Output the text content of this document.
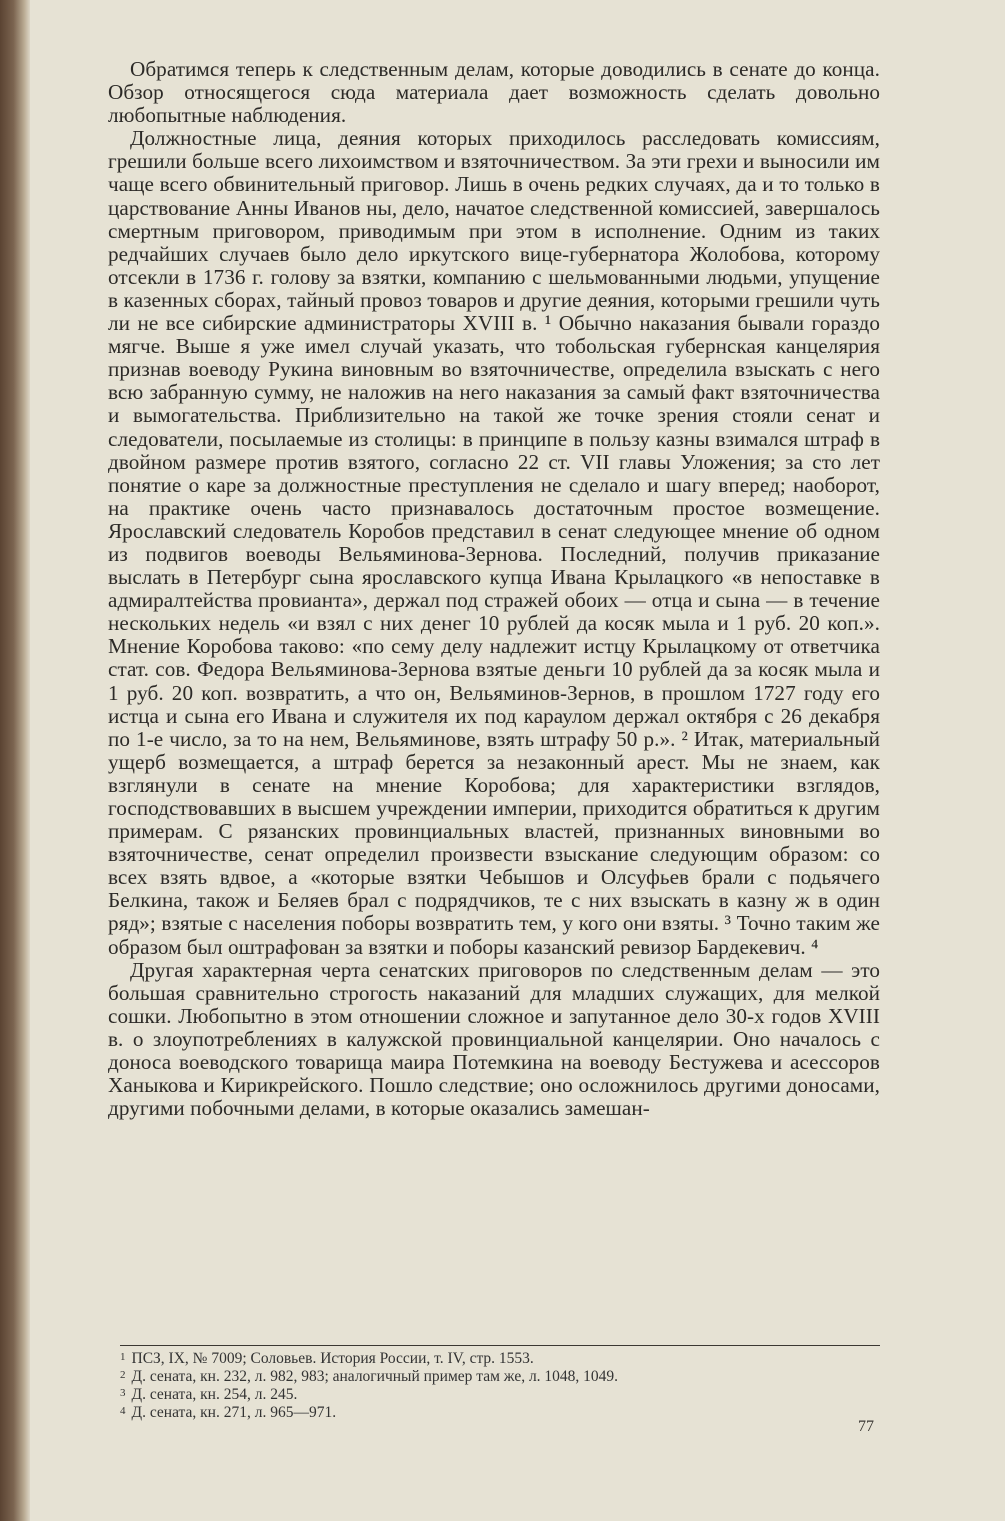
Обратимся теперь к следственным делам, которые доводились в сенате до конца. Обзор относящегося сюда материала дает возможность сделать довольно любопытные наблюдения.

Должностные лица, деяния которых приходилось расследовать комиссиям, грешили больше всего лихоимством и взяточничеством. За эти грехи и выносили им чаще всего обвинительный приговор. Лишь в очень редких случаях, да и то только в царствование Анны Иванов ны, дело, начатое следственной комиссией, завершалось смертным приговором, приводимым при этом в исполнение. Одним из таких редчайших случаев было дело иркутского вице-губернатора Жолобова, которому отсекли в 1736 г. голову за взятки, компанию с шельмованными людьми, упущение в казенных сборах, тайный провоз товаров и другие деяния, которыми грешили чуть ли не все сибирские администраторы XVIII в. ¹ Обычно наказания бывали гораздо мягче. Выше я уже имел случай указать, что тобольская губернская канцелярия признав воеводу Рукина виновным во взяточничестве, определила взыскать с него всю забранную сумму, не наложив на него наказания за самый факт взяточничества и вымогательства. Приблизительно на такой же точке зрения стояли сенат и следователи, посылаемые из столицы: в принципе в пользу казны взимался штраф в двойном размере против взятого, согласно 22 ст. VII главы Уложения; за сто лет понятие о каре за должностные преступления не сделало и шагу вперед; наоборот, на практике очень часто признавалось достаточным простое возмещение. Ярославский следователь Коробов представил в сенат следующее мнение об одном из подвигов воеводы Вельяминова-Зернова. Последний, получив приказание выслать в Петербург сына ярославского купца Ивана Крылацкого «в непоставке в адмиралтейства провианта», держал под стражей обоих — отца и сына — в течение нескольких недель «и взял с них денег 10 рублей да косяк мыла и 1 руб. 20 коп.». Мнение Коробова таково: «по сему делу надлежит истцу Крылацкому от ответчика стат. сов. Федора Вельяминова-Зернова взятые деньги 10 рублей да за косяк мыла и 1 руб. 20 коп. возвратить, а что он, Вельяминов-Зернов, в прошлом 1727 году его истца и сына его Ивана и служителя их под караулом держал октября с 26 декабря по 1-е число, за то на нем, Вельяминове, взять штрафу 50 р.». ² Итак, материальный ущерб возмещается, а штраф берется за незаконный арест. Мы не знаем, как взглянули в сенате на мнение Коробова; для характеристики взглядов, господствовавших в высшем учреждении империи, приходится обратиться к другим примерам. С рязанских провинциальных властей, признанных виновными во взяточничестве, сенат определил произвести взыскание следующим образом: со всех взять вдвое, а «которые взятки Чебышов и Олсуфьев брали с подьячего Белкина, також и Беляев брал с подрядчиков, те с них взыскать в казну ж в один ряд»; взятые с населения поборы возвратить тем, у кого они взяты. ³ Точно таким же образом был оштрафован за взятки и поборы казанский ревизор Бардекевич. ⁴

Другая характерная черта сенатских приговоров по следственным делам — это большая сравнительно строгость наказаний для младших служащих, для мелкой сошки. Любопытно в этом отношении сложное и запутанное дело 30-х годов XVIII в. о злоупотреблениях в калужской провинциальной канцелярии. Оно началось с доноса воеводского товарища маира Потемкина на воеводу Бестужева и асессоров Ханыкова и Кирикрейского. Пошло следствие; оно осложнилось другими доносами, другими побочными делами, в которые оказались замешан-

1 ПСЗ, IX, № 7009; Соловьев. История России, т. IV, стр. 1553.

2 Д. сената, кн. 232, л. 982, 983; аналогичный пример там же, л. 1048, 1049.

3 Д. сената, кн. 254, л. 245.

4 Д. сената, кн. 271, л. 965—971.

77
